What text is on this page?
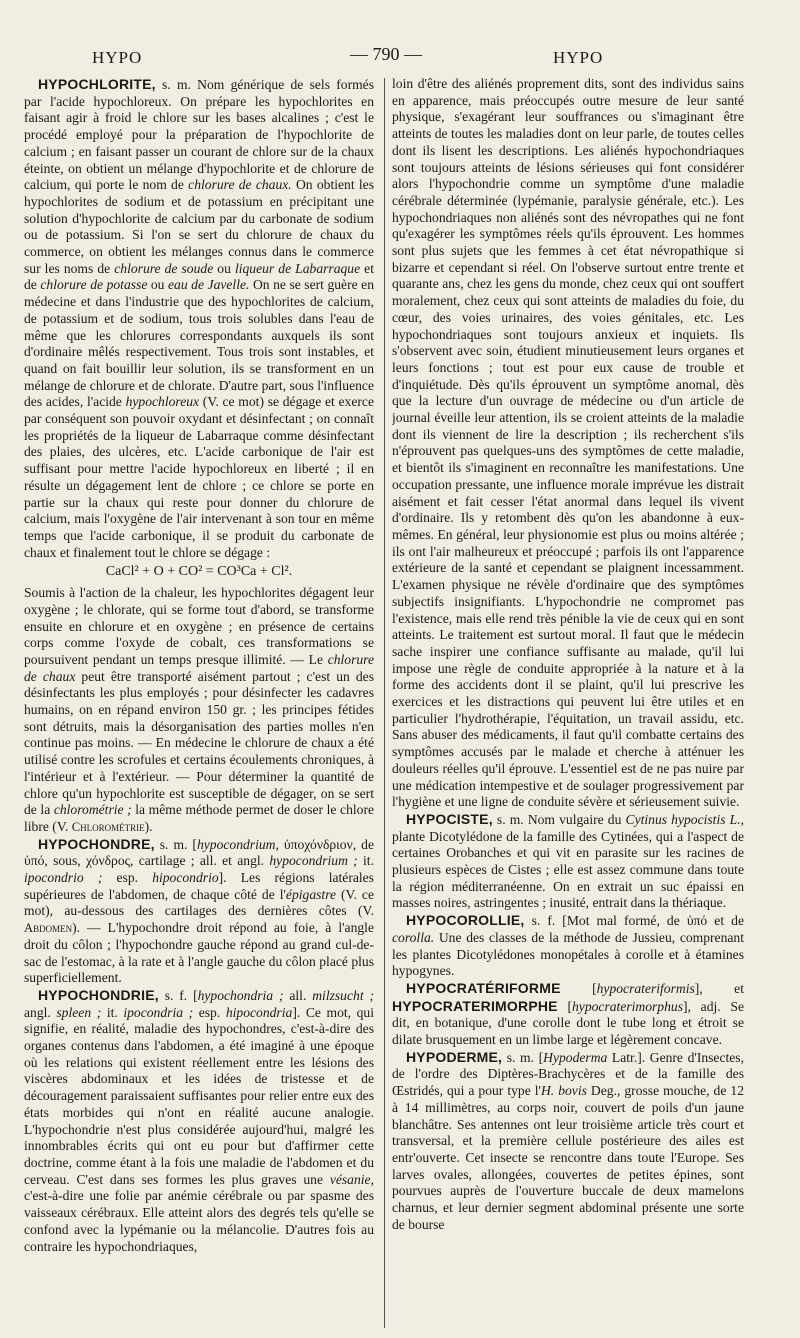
HYPO	— 790 —	HYPO

HYPOCHLORITE, s. m. Nom générique de sels formés par l'acide hypochloreux. On prépare les hypochlorites en faisant agir à froid le chlore sur les bases alcalines ; c'est le procédé employé pour la préparation de l'hypochlorite de calcium ; en faisant passer un courant de chlore sur de la chaux éteinte, on obtient un mélange d'hypochlorite et de chlorure de calcium, qui porte le nom de chlorure de chaux. On obtient les hypochlorites de sodium et de potassium en précipitant une solution d'hypochlorite de calcium par du carbonate de sodium ou de potassium. Si l'on se sert du chlorure de chaux du commerce, on obtient les mélanges connus dans le commerce sur les noms de chlorure de soude ou liqueur de Labarraque et de chlorure de potasse ou eau de Javelle. On ne se sert guère en médecine et dans l'industrie que des hypochlorites de calcium, de potassium et de sodium, tous trois solubles dans l'eau de même que les chlorures correspondants auxquels ils sont d'ordinaire mêlés respectivement. Tous trois sont instables, et quand on fait bouillir leur solution, ils se transforment en un mélange de chlorure et de chlorate. D'autre part, sous l'influence des acides, l'acide hypochloreux (V. ce mot) se dégage et exerce par conséquent son pouvoir oxydant et désinfectant ; on connaît les propriétés de la liqueur de Labarraque comme désinfectant des plaies, des ulcères, etc. L'acide carbonique de l'air est suffisant pour mettre l'acide hypochloreux en liberté ; il en résulte un dégagement lent de chlore ; ce chlore se porte en partie sur la chaux qui reste pour donner du chlorure de calcium, mais l'oxygène de l'air intervenant à son tour en même temps que l'acide carbonique, il se produit du carbonate de chaux et finalement tout le chlore se dégage :

CaCl² + O + CO² = CO³Ca + Cl².

Soumis à l'action de la chaleur, les hypochlorites dégagent leur oxygène ; le chlorate, qui se forme tout d'abord, se transforme ensuite en chlorure et en oxygène ; en présence de certains corps comme l'oxyde de cobalt, ces transformations se poursuivent pendant un temps presque illimité. — Le chlorure de chaux peut être transporté aisément partout ; c'est un des désinfectants les plus employés ; pour désinfecter les cadavres humains, on en répand environ 150 gr. ; les principes fétides sont détruits, mais la désorganisation des parties molles n'en continue pas moins. — En médecine le chlorure de chaux a été utilisé contre les scrofules et certains écoulements chroniques, à l'intérieur et à l'extérieur. — Pour déterminer la quantité de chlore qu'un hypochlorite est susceptible de dégager, on se sert de la chlorométrie ; la même méthode permet de doser le chlore libre (V. Chlorométrie).

HYPOCHONDRE, s. m. [hypocondrium, ὑποχόνδριον, de ὑπό, sous, χόνδρος, cartilage ; all. et angl. hypocondrium ; it. ipocondrio ; esp. hipocondrio]. Les régions latérales supérieures de l'abdomen, de chaque côté de l'épigastre (V. ce mot), au-dessous des cartilages des dernières côtes (V. Abdomen). — L'hypochondre droit répond au foie, à l'angle droit du côlon ; l'hypochondre gauche répond au grand cul-de-sac de l'estomac, à la rate et à l'angle gauche du côlon placé plus superficiellement.

HYPOCHONDRIE, s. f. [hypochondria ; all. milzsucht ; angl. spleen ; it. ipocondria ; esp. hipocondria]. Ce mot, qui signifie, en réalité, maladie des hypochondres, c'est-à-dire des organes contenus dans l'abdomen, a été imaginé à une époque où les relations qui existent réellement entre les lésions des viscères abdominaux et les idées de tristesse et de découragement paraissaient suffisantes pour relier entre eux des états morbides qui n'ont en réalité aucune analogie. L'hypochondrie n'est plus considérée aujourd'hui, malgré les innombrables écrits qui ont eu pour but d'affirmer cette doctrine, comme étant à la fois une maladie de l'abdomen et du cerveau. C'est dans ses formes les plus graves une vésanie, c'est-à-dire une folie par anémie cérébrale ou par spasme des vaisseaux cérébraux. Elle atteint alors des degrés tels qu'elle se confond avec la lypémanie ou la mélancolie. D'autres fois au contraire les hypochondriaques,

loin d'être des aliénés proprement dits, sont des individus sains en apparence, mais préoccupés outre mesure de leur santé physique, s'exagérant leur souffrances ou s'imaginant être atteints de toutes les maladies dont on leur parle, de toutes celles dont ils lisent les descriptions. Les aliénés hypochondriaques sont toujours atteints de lésions sérieuses qui font considérer alors l'hypochondrie comme un symptôme d'une maladie cérébrale déterminée (lypémanie, paralysie générale, etc.). Les hypochondriaques non aliénés sont des névropathes qui ne font qu'exagérer les symptômes réels qu'ils éprouvent. Les hommes sont plus sujets que les femmes à cet état névropathique si bizarre et cependant si réel. On l'observe surtout entre trente et quarante ans, chez les gens du monde, chez ceux qui ont souffert moralement, chez ceux qui sont atteints de maladies du foie, du cœur, des voies urinaires, des voies génitales, etc. Les hypochondriaques sont toujours anxieux et inquiets. Ils s'observent avec soin, étudient minutieusement leurs organes et leurs fonctions ; tout est pour eux cause de trouble et d'inquiétude. Dès qu'ils éprouvent un symptôme anomal, dès que la lecture d'un ouvrage de médecine ou d'un article de journal éveille leur attention, ils se croient atteints de la maladie dont ils viennent de lire la description ; ils recherchent s'ils n'éprouvent pas quelques-uns des symptômes de cette maladie, et bientôt ils s'imaginent en reconnaître les manifestations. Une occupation pressante, une influence morale imprévue les distrait aisément et fait cesser l'état anormal dans lequel ils vivent d'ordinaire. Ils y retombent dès qu'on les abandonne à eux-mêmes. En général, leur physionomie est plus ou moins altérée ; ils ont l'air malheureux et préoccupé ; parfois ils ont l'apparence extérieure de la santé et cependant se plaignent incessamment. L'examen physique ne révèle d'ordinaire que des symptômes subjectifs insignifiants. L'hypochondrie ne compromet pas l'existence, mais elle rend très pénible la vie de ceux qui en sont atteints. Le traitement est surtout moral. Il faut que le médecin sache inspirer une confiance suffisante au malade, qu'il lui impose une règle de conduite appropriée à la nature et à la forme des accidents dont il se plaint, qu'il lui prescrive les exercices et les distractions qui peuvent lui être utiles et en particulier l'hydrothérapie, l'équitation, un travail assidu, etc. Sans abuser des médicaments, il faut qu'il combatte certains des symptômes accusés par le malade et cherche à atténuer les douleurs réelles qu'il éprouve. L'essentiel est de ne pas nuire par une médication intempestive et de soulager progressivement par l'hygiène et une ligne de conduite sévère et sérieusement suivie.

HYPOCISTE, s. m. Nom vulgaire du Cytinus hypocistis L., plante Dicotylédone de la famille des Cytinées, qui a l'aspect de certaines Orobanches et qui vit en parasite sur les racines de plusieurs espèces de Cistes ; elle est assez commune dans toute la région méditerranéenne. On en extrait un suc épaissi en masses noires, astringentes ; inusité, entrait dans la thériaque.

HYPOCOROLLIE, s. f. [Mot mal formé, de ὑπό et de corolla. Une des classes de la méthode de Jussieu, comprenant les plantes Dicotylédones monopétales à corolle et à étamines hypogynes.

HYPOCRATÉRIFORME [hypocrateriformis], et HYPOCRATERIMORPHE [hypocraterimorphus], adj. Se dit, en botanique, d'une corolle dont le tube long et étroit se dilate brusquement en un limbe large et légèrement concave.

HYPODERME, s. m. [Hypoderma Latr.]. Genre d'Insectes, de l'ordre des Diptères-Brachycères et de la famille des Œstridés, qui a pour type l'H. bovis Deg., grosse mouche, de 12 à 14 millimètres, au corps noir, couvert de poils d'un jaune blanchâtre. Ses antennes ont leur troisième article très court et transversal, et la première cellule postérieure des ailes est entr'ouverte. Cet insecte se rencontre dans toute l'Europe. Ses larves ovales, allongées, couvertes de petites épines, sont pourvues auprès de l'ouverture buccale de deux mamelons charnus, et leur dernier segment abdominal présente une sorte de bourse
